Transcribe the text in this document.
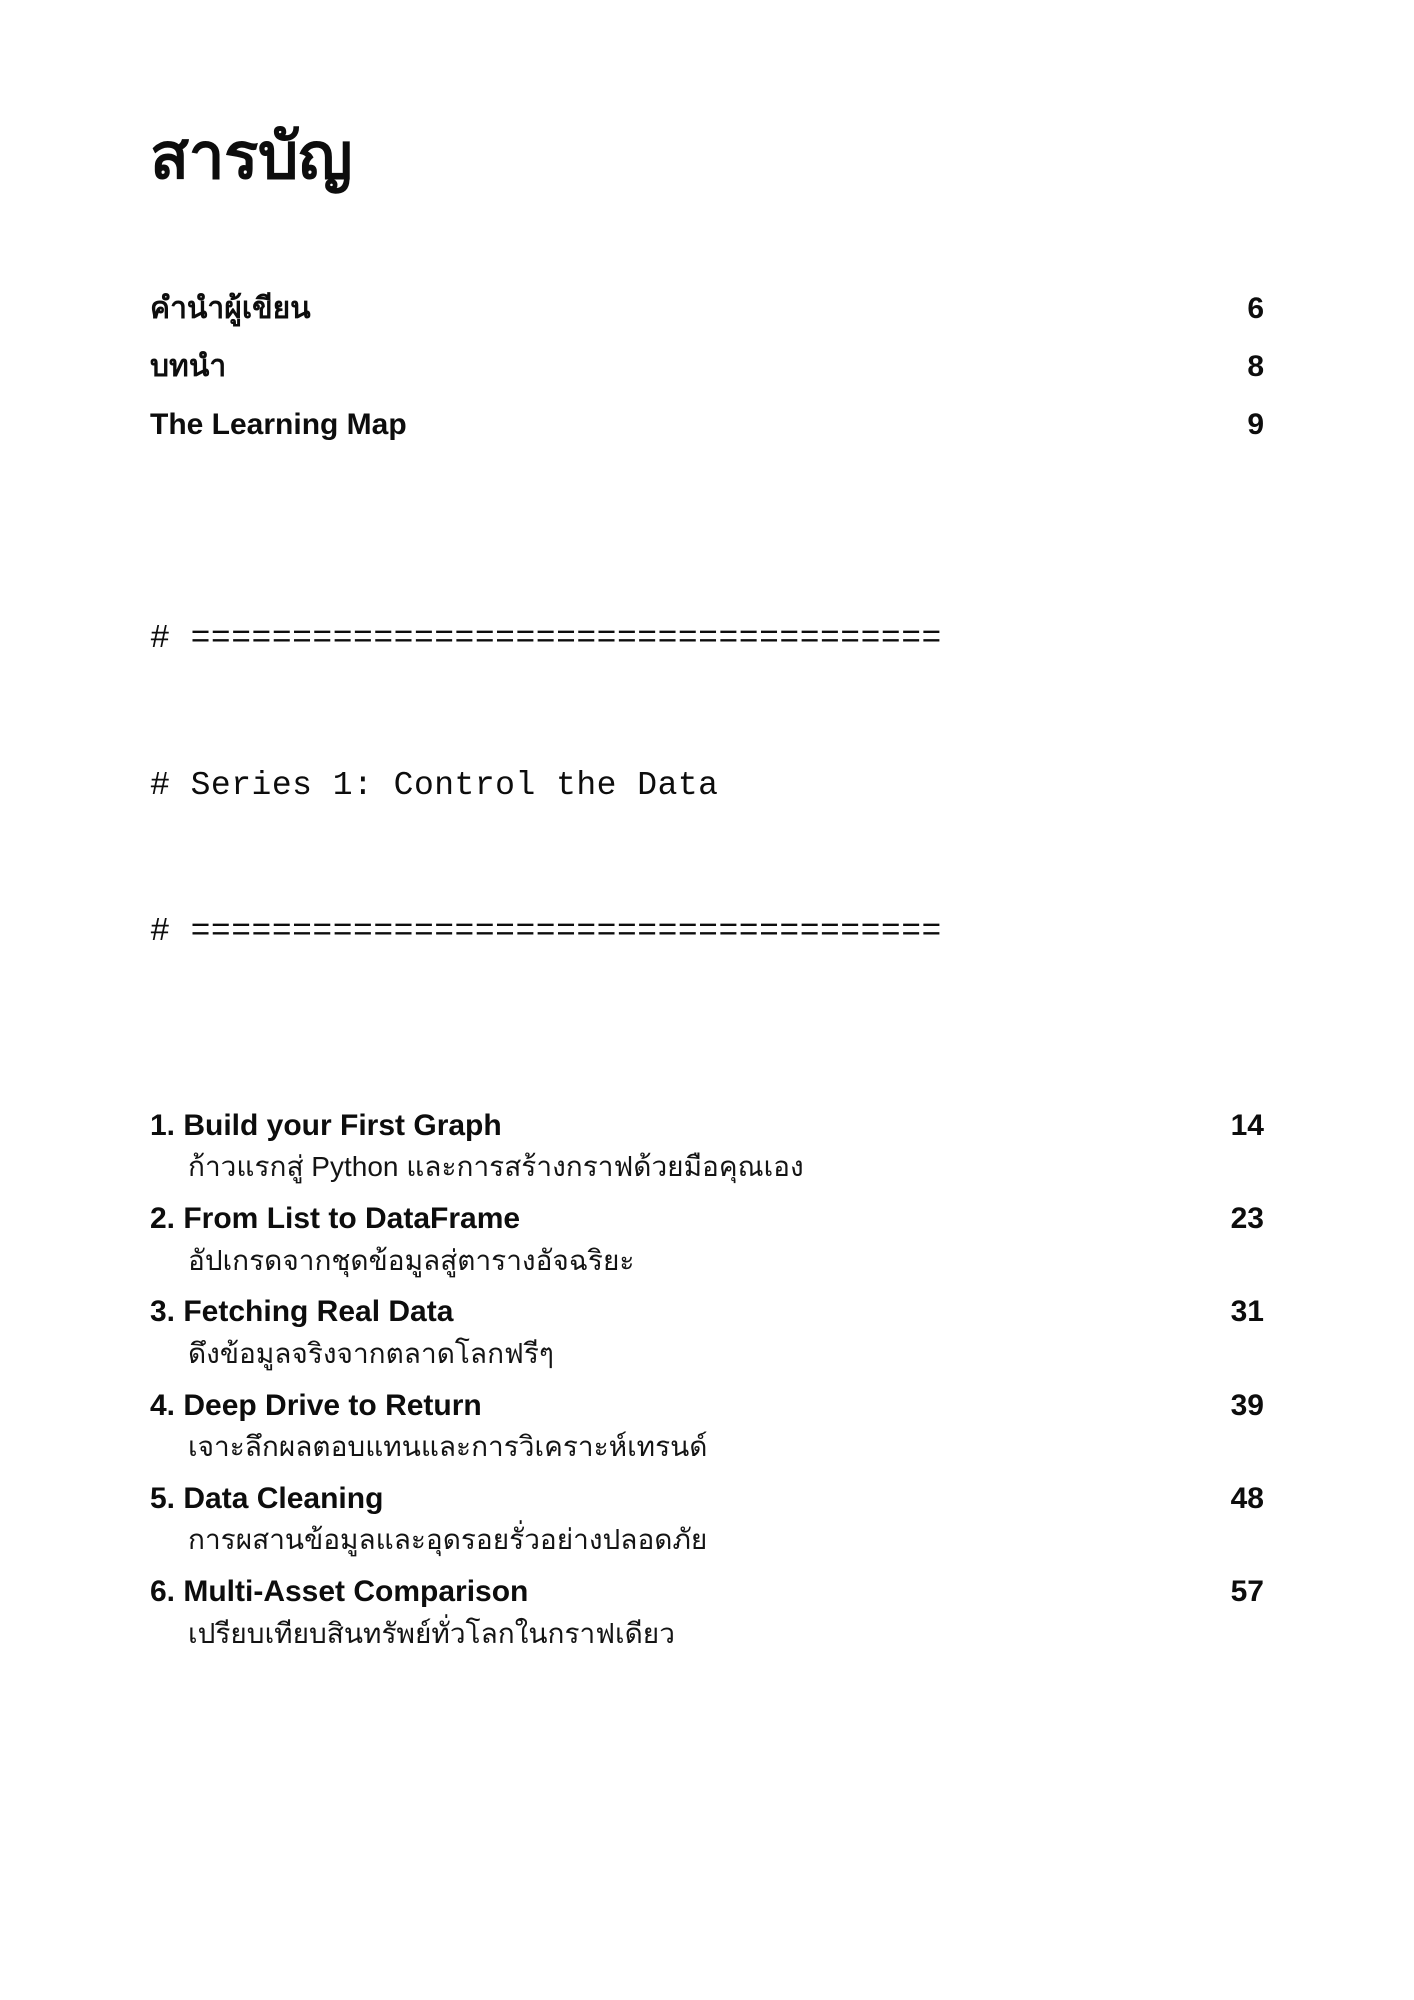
สารบัญ
คำนำผู้เขียน	6
บทนำ	8
The Learning Map	9

# =====================================

# Series 1: Control the Data

# =====================================

1. Build your First Graph	14
ก้าวแรกสู่ Python และการสร้างกราฟด้วยมือคุณเอง
2. From List to DataFrame	23
อัปเกรดจากชุดข้อมูลสู่ตารางอัจฉริยะ
3. Fetching Real Data	31
ดึงข้อมูลจริงจากตลาดโลกฟรีๆ
4. Deep Drive to Return	39
เจาะลึกผลตอบแทนและการวิเคราะห์เทรนด์
5. Data Cleaning	48
การผสานข้อมูลและอุดรอยรั่วอย่างปลอดภัย
6. Multi-Asset Comparison	57
เปรียบเทียบสินทรัพย์ทั่วโลกในกราฟเดียว
